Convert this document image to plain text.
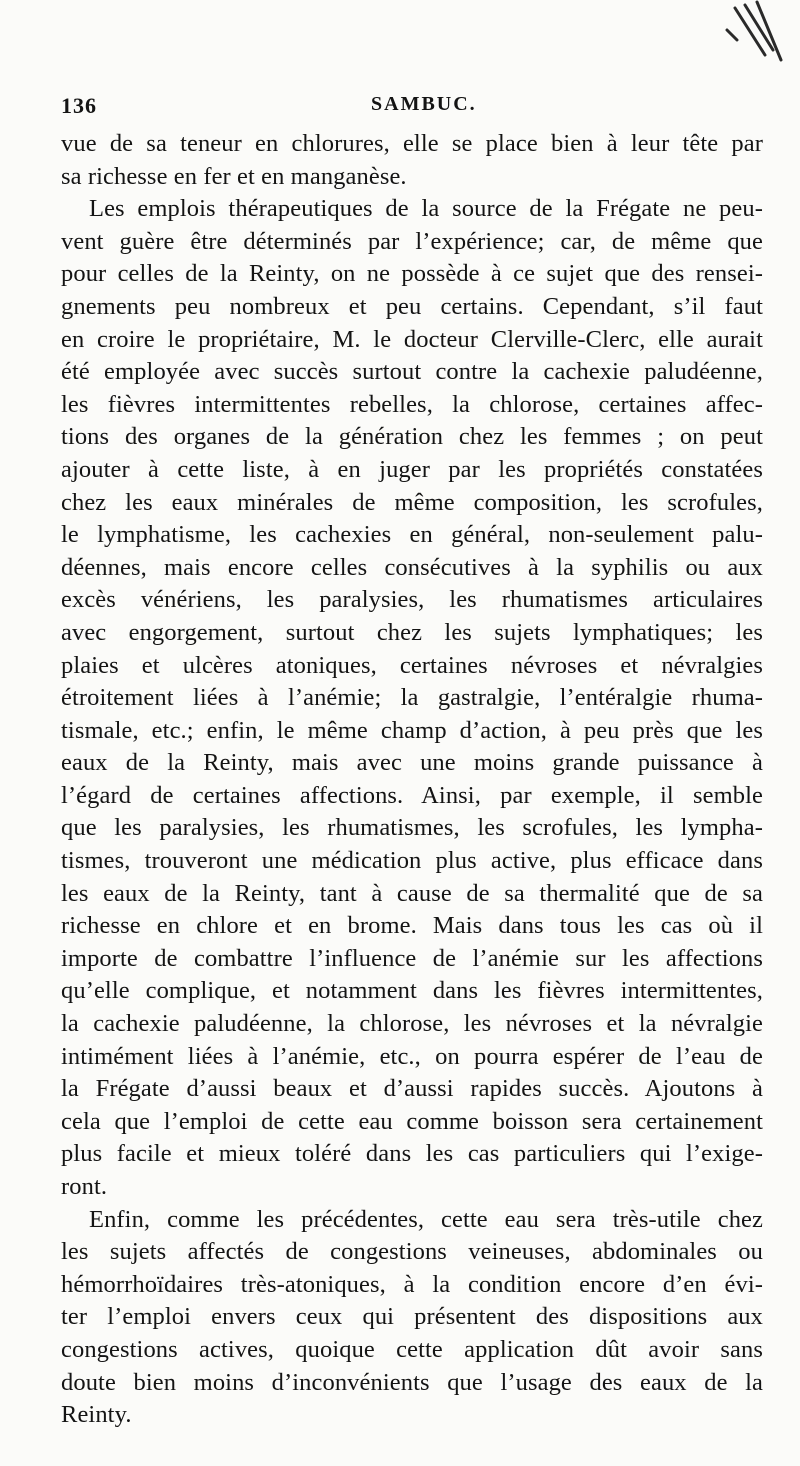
136	SAMBUC.
vue de sa teneur en chlorures, elle se place bien à leur tête par
sa richesse en fer et en manganèse.
Les emplois thérapeutiques de la source de la Frégate ne peu-
vent guère être déterminés par l’expérience; car, de même que
pour celles de la Reinty, on ne possède à ce sujet que des rensei-
gnements peu nombreux et peu certains. Cependant, s’il faut
en croire le propriétaire, M. le docteur Clerville-Clerc, elle aurait
été employée avec succès surtout contre la cachexie paludéenne,
les fièvres intermittentes rebelles, la chlorose, certaines affec-
tions des organes de la génération chez les femmes ; on peut
ajouter à cette liste, à en juger par les propriétés constatées
chez les eaux minérales de même composition, les scrofules,
le lymphatisme, les cachexies en général, non-seulement palu-
déennes, mais encore celles consécutives à la syphilis ou aux
excès vénériens, les paralysies, les rhumatismes articulaires
avec engorgement, surtout chez les sujets lymphatiques; les
plaies et ulcères atoniques, certaines névroses et névralgies
étroitement liées à l’anémie; la gastralgie, l’entéralgie rhuma-
tismale, etc.; enfin, le même champ d’action, à peu près que les
eaux de la Reinty, mais avec une moins grande puissance à
l’égard de certaines affections. Ainsi, par exemple, il semble
que les paralysies, les rhumatismes, les scrofules, les lympha-
tismes, trouveront une médication plus active, plus efficace dans
les eaux de la Reinty, tant à cause de sa thermalité que de sa
richesse en chlore et en brome. Mais dans tous les cas où il
importe de combattre l’influence de l’anémie sur les affections
qu’elle complique, et notamment dans les fièvres intermittentes,
la cachexie paludéenne, la chlorose, les névroses et la névralgie
intimément liées à l’anémie, etc., on pourra espérer de l’eau de
la Frégate d’aussi beaux et d’aussi rapides succès. Ajoutons à
cela que l’emploi de cette eau comme boisson sera certainement
plus facile et mieux toléré dans les cas particuliers qui l’exige-
ront.
Enfin, comme les précédentes, cette eau sera très-utile chez
les sujets affectés de congestions veineuses, abdominales ou
hémorrhoïdaires très-atoniques, à la condition encore d’en évi-
ter l’emploi envers ceux qui présentent des dispositions aux
congestions actives, quoique cette application dût avoir sans
doute bien moins d’inconvénients que l’usage des eaux de la
Reinty.
